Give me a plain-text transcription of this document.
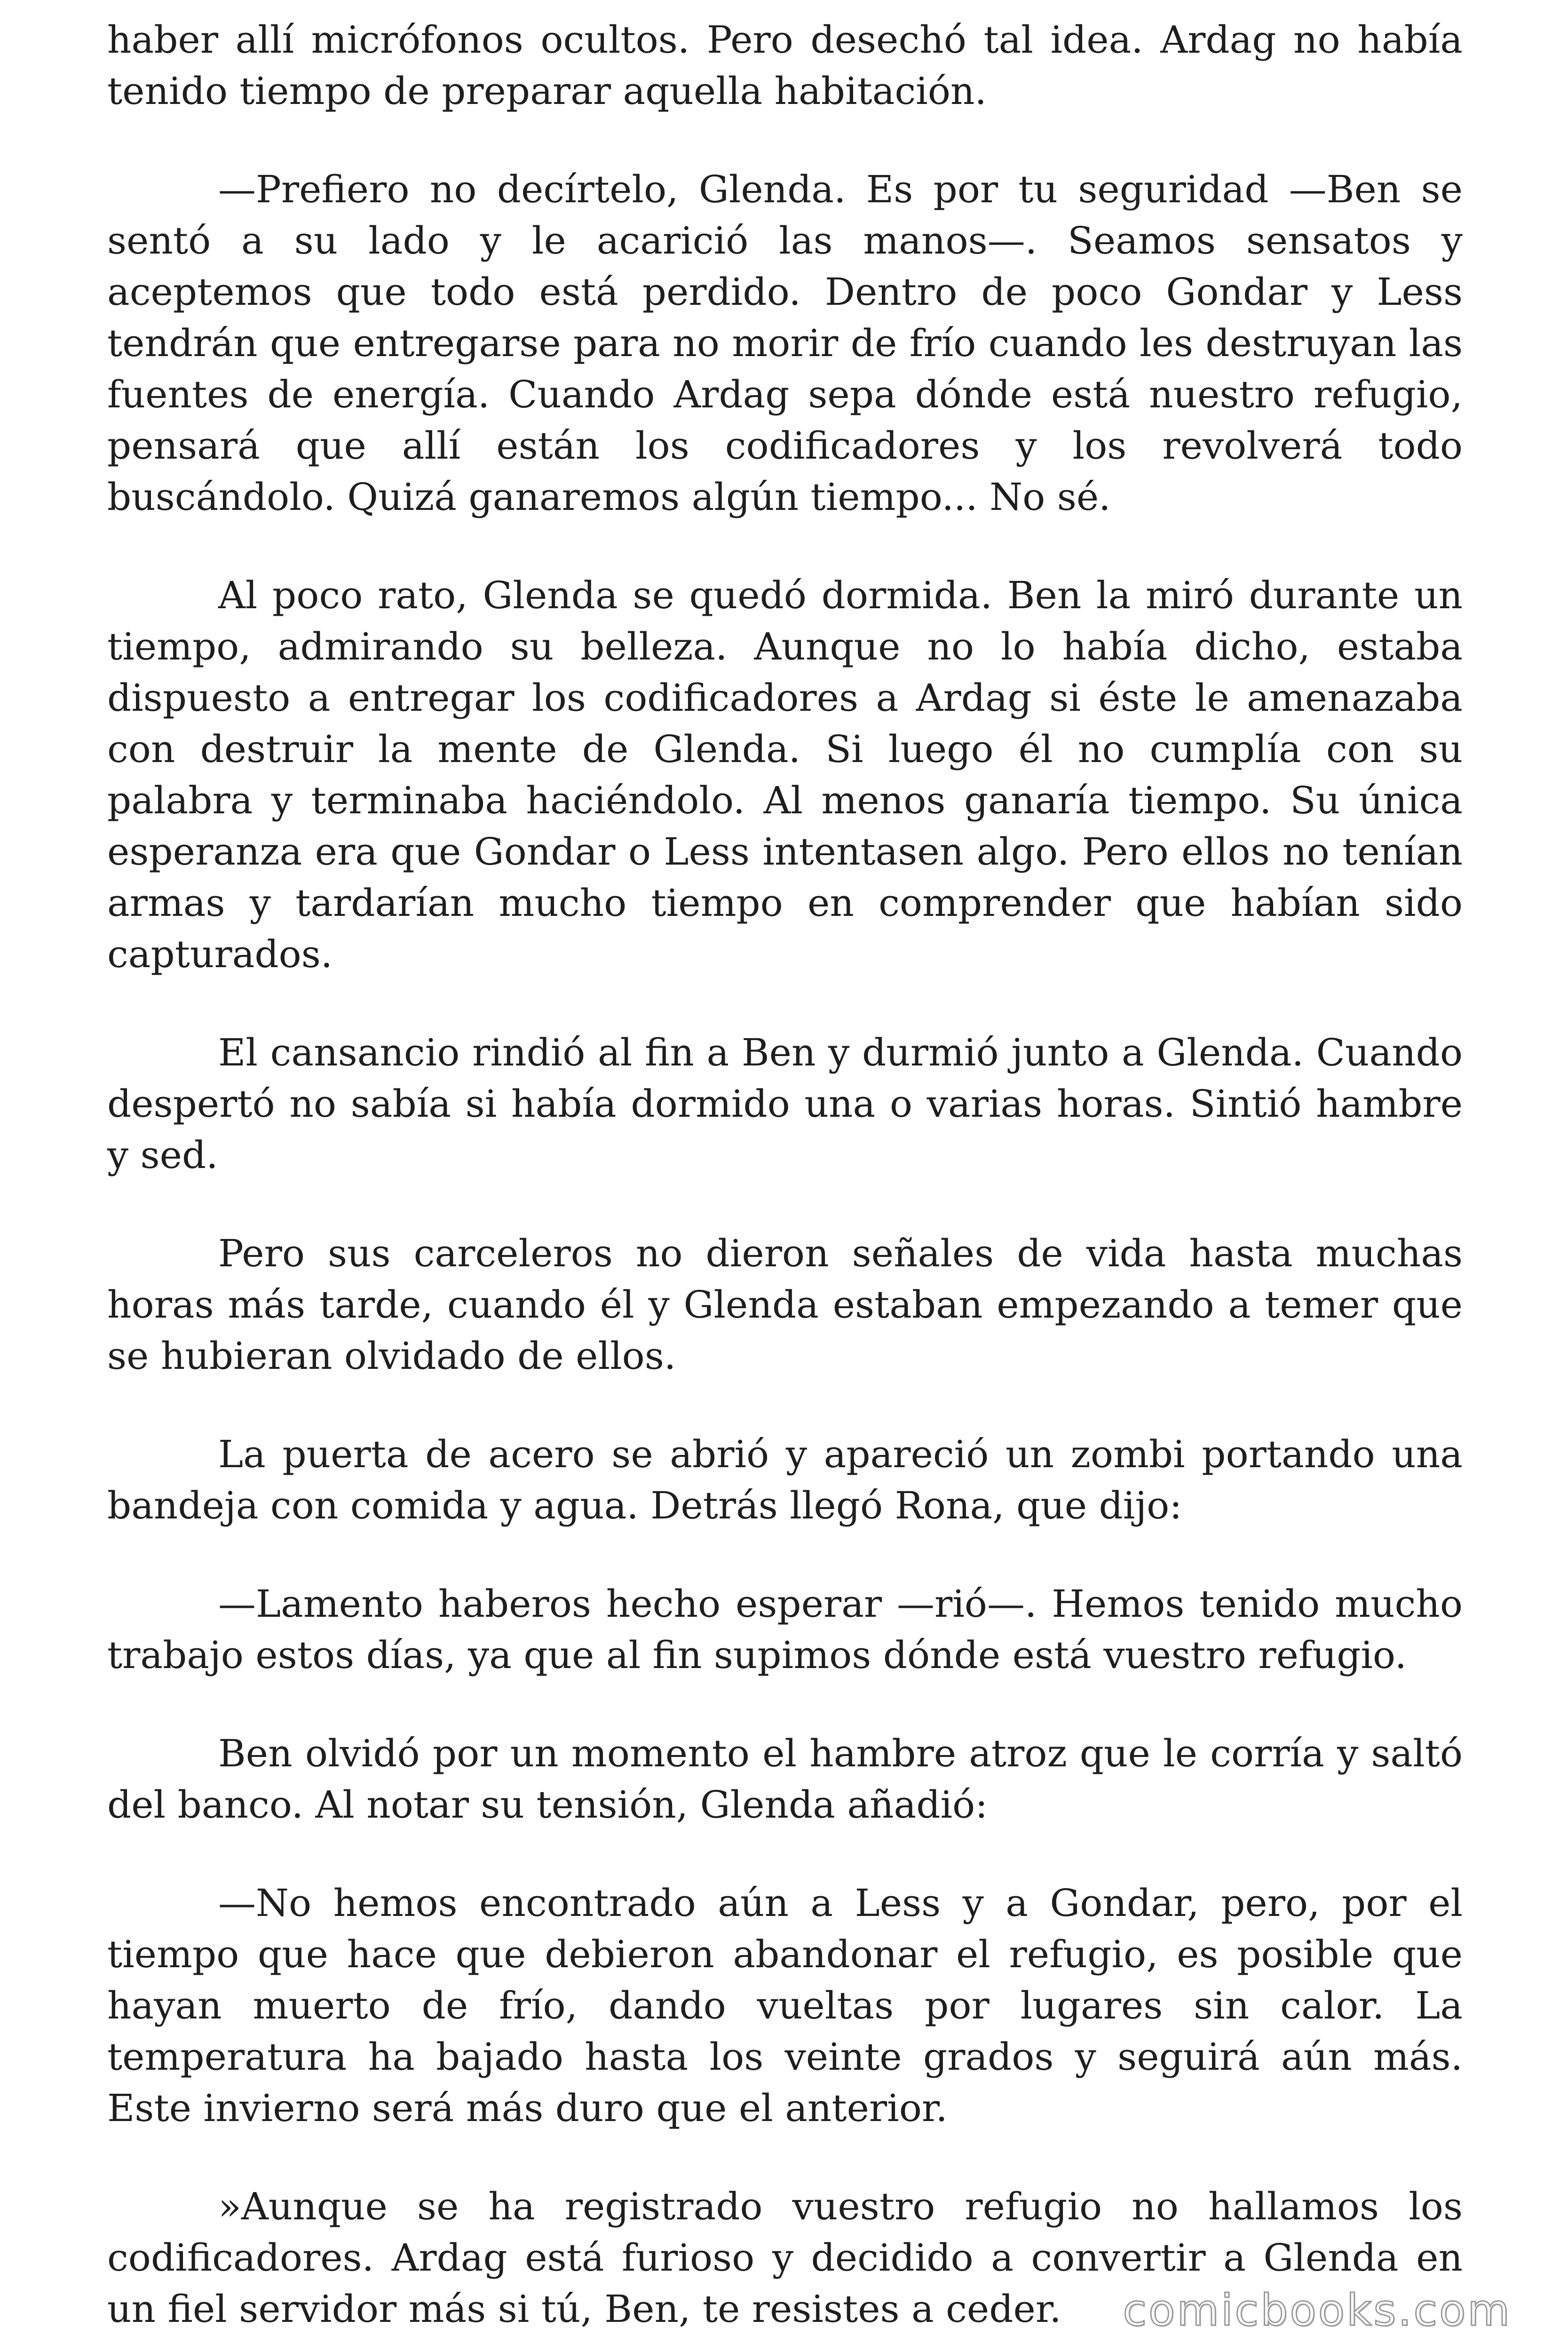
haber allí micrófonos ocultos. Pero desechó tal idea. Ardag no había tenido tiempo de preparar aquella habitación.

—Prefiero no decírtelo, Glenda. Es por tu seguridad —Ben se sentó a su lado y le acarició las manos—. Seamos sensatos y aceptemos que todo está perdido. Dentro de poco Gondar y Less tendrán que entregarse para no morir de frío cuando les destruyan las fuentes de energía. Cuando Ardag sepa dónde está nuestro refugio, pensará que allí están los codificadores y los revolverá todo buscándolo. Quizá ganaremos algún tiempo... No sé.

Al poco rato, Glenda se quedó dormida. Ben la miró durante un tiempo, admirando su belleza. Aunque no lo había dicho, estaba dispuesto a entregar los codificadores a Ardag si éste le amenazaba con destruir la mente de Glenda. Si luego él no cumplía con su palabra y terminaba haciéndolo. Al menos ganaría tiempo. Su única esperanza era que Gondar o Less intentasen algo. Pero ellos no tenían armas y tardarían mucho tiempo en comprender que habían sido capturados.

El cansancio rindió al fin a Ben y durmió junto a Glenda. Cuando despertó no sabía si había dormido una o varias horas. Sintió hambre y sed.

Pero sus carceleros no dieron señales de vida hasta muchas horas más tarde, cuando él y Glenda estaban empezando a temer que se hubieran olvidado de ellos.

La puerta de acero se abrió y apareció un zombi portando una bandeja con comida y agua. Detrás llegó Rona, que dijo:

—Lamento haberos hecho esperar —rió—. Hemos tenido mucho trabajo estos días, ya que al fin supimos dónde está vuestro refugio.

Ben olvidó por un momento el hambre atroz que le corría y saltó del banco. Al notar su tensión, Glenda añadió:

—No hemos encontrado aún a Less y a Gondar, pero, por el tiempo que hace que debieron abandonar el refugio, es posible que hayan muerto de frío, dando vueltas por lugares sin calor. La temperatura ha bajado hasta los veinte grados y seguirá aún más. Este invierno será más duro que el anterior.

»Aunque se ha registrado vuestro refugio no hallamos los codificadores. Ardag está furioso y decidido a convertir a Glenda en un fiel servidor más si tú, Ben, te resistes a ceder.	comicbooks.com
